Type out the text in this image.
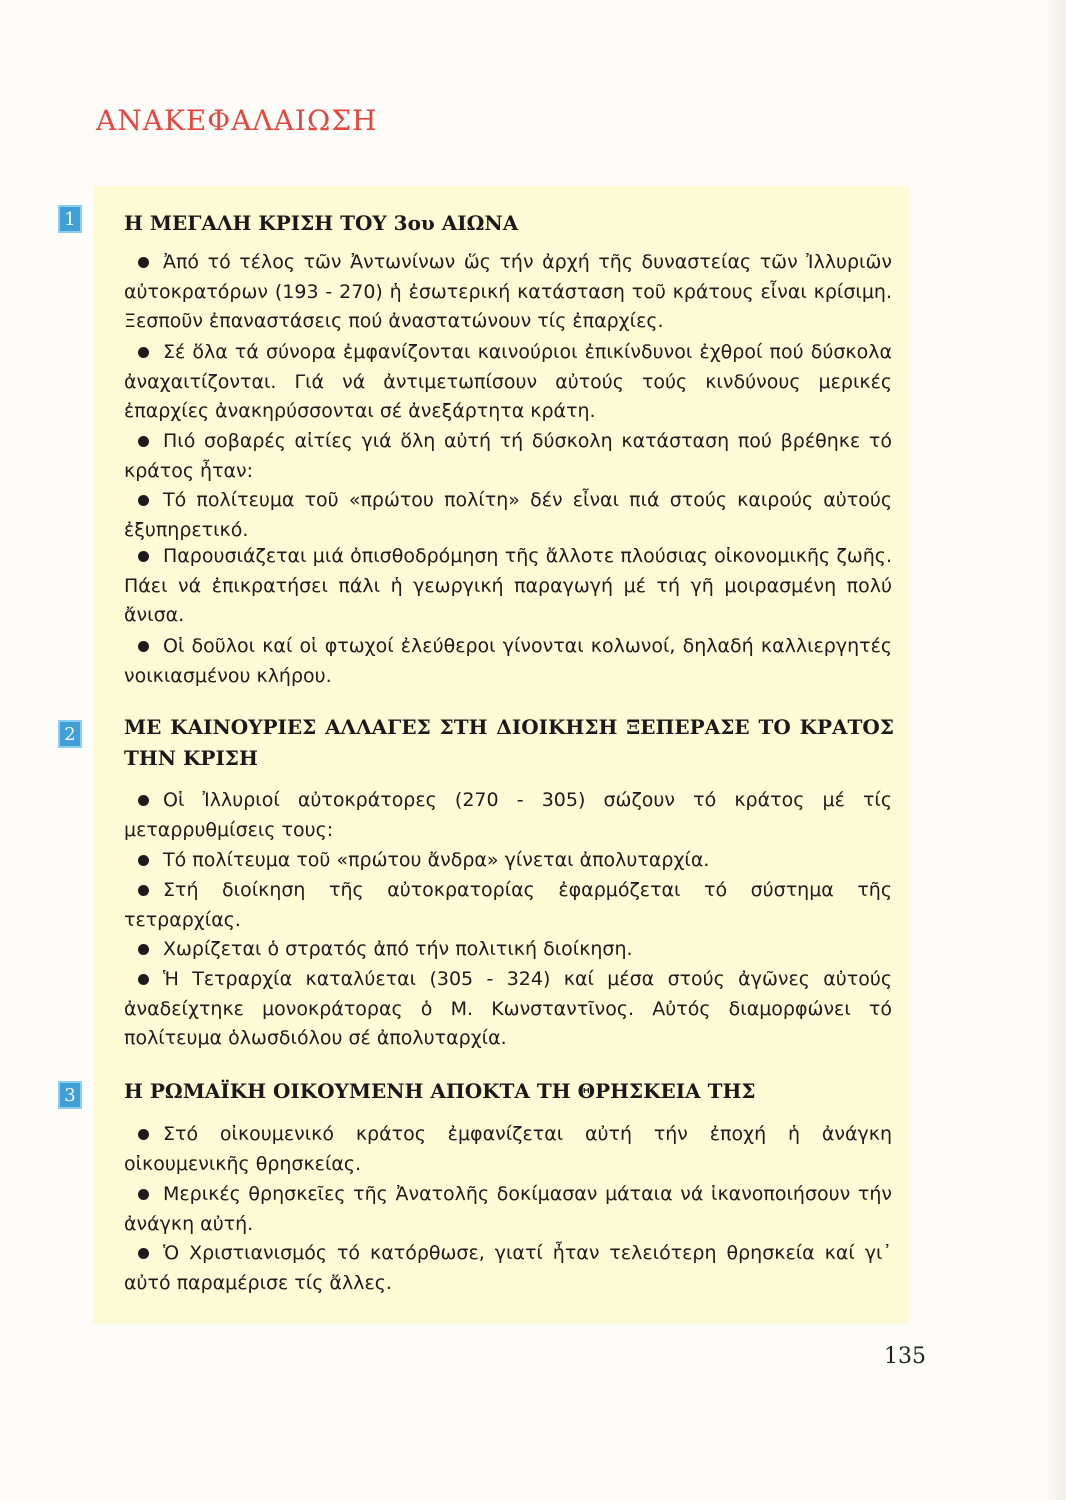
ΑΝΑΚΕΦΑΛΑΙΩΣΗ
1	Η ΜΕΓΑΛΗ ΚΡΙΣΗ ΤΟΥ 3ου ΑΙΩΝΑ

Ἀπό τό τέλος τῶν Ἀντωνίνων ὥς τήν ἀρχή τῆς δυναστείας τῶν Ἰλλυριῶν αὐτοκρατόρων (193 - 270) ἡ ἐσωτερική κατάσταση τοῦ κράτους εἶναι κρίσιμη. Ξεσποῦν ἐπαναστάσεις πού ἀναστατώνουν τίς ἐπαρχίες.

Σέ ὅλα τά σύνορα ἐμφανίζονται καινούριοι ἐπικίνδυνοι ἐχθροί πού δύσκολα ἀναχαιτίζονται. Γιά νά ἀντιμετωπίσουν αὐτούς τούς κινδύνους μερικές ἐπαρχίες ἀνακηρύσσονται σέ ἀνεξάρτητα κράτη.

Πιό σοβαρές αἰτίες γιά ὅλη αὐτή τή δύσκολη κατάσταση πού βρέθηκε τό κράτος ἦταν:

Τό πολίτευμα τοῦ «πρώτου πολίτη» δέν εἶναι πιά στούς καιρούς αὐτούς ἐξυπηρετικό.

Παρουσιάζεται μιά ὀπισθοδρόμηση τῆς ἄλλοτε πλούσιας οἰκονομικῆς ζωῆς. Πάει νά ἐπικρατήσει πάλι ἡ γεωργική παραγωγή μέ τή γῆ μοιρασμένη πολύ ἄνισα.

Οἱ δοῦλοι καί οἱ φτωχοί ἐλεύθεροι γίνονται κολωνοί, δηλαδή καλλιεργητές νοικιασμένου κλήρου.

2	ΜΕ ΚΑΙΝΟΥΡΙΕΣ ΑΛΛΑΓΕΣ ΣΤΗ ΔΙΟΙΚΗΣΗ ΞΕΠΕΡΑΣΕ ΤΟ ΚΡΑΤΟΣ ΤΗΝ ΚΡΙΣΗ

Οἱ Ἰλλυριοί αὐτοκράτορες (270 - 305) σώζουν τό κράτος μέ τίς μεταρρυθμίσεις τους:

Τό πολίτευμα τοῦ «πρώτου ἄνδρα» γίνεται ἀπολυταρχία.

Στή διοίκηση τῆς αὐτοκρατορίας ἐφαρμόζεται τό σύστημα τῆς τετραρχίας.

Χωρίζεται ὁ στρατός ἀπό τήν πολιτική διοίκηση.

Ἡ Τετραρχία καταλύεται (305 - 324) καί μέσα στούς ἀγῶνες αὐτούς ἀναδείχτηκε μονοκράτορας ὁ Μ. Κωνσταντῖνος. Αὐτός διαμορφώνει τό πολίτευμα ὁλωσδιόλου σέ ἀπολυταρχία.

3	Η ΡΩΜΑΪΚΗ ΟΙΚΟΥΜΕΝΗ ΑΠΟΚΤΑ ΤΗ ΘΡΗΣΚΕΙΑ ΤΗΣ

Στό οἰκουμενικό κράτος ἐμφανίζεται αὐτή τήν ἐποχή ἡ ἀνάγκη οἰκουμενικῆς θρησκείας.

Μερικές θρησκεῖες τῆς Ἀνατολῆς δοκίμασαν μάταια νά ἱκανοποιήσουν τήν ἀνάγκη αὐτή.

Ὁ Χριστιανισμός τό κατόρθωσε, γιατί ἦταν τελειότερη θρησκεία καί γι᾽ αὐτό παραμέρισε τίς ἄλλες.

135
